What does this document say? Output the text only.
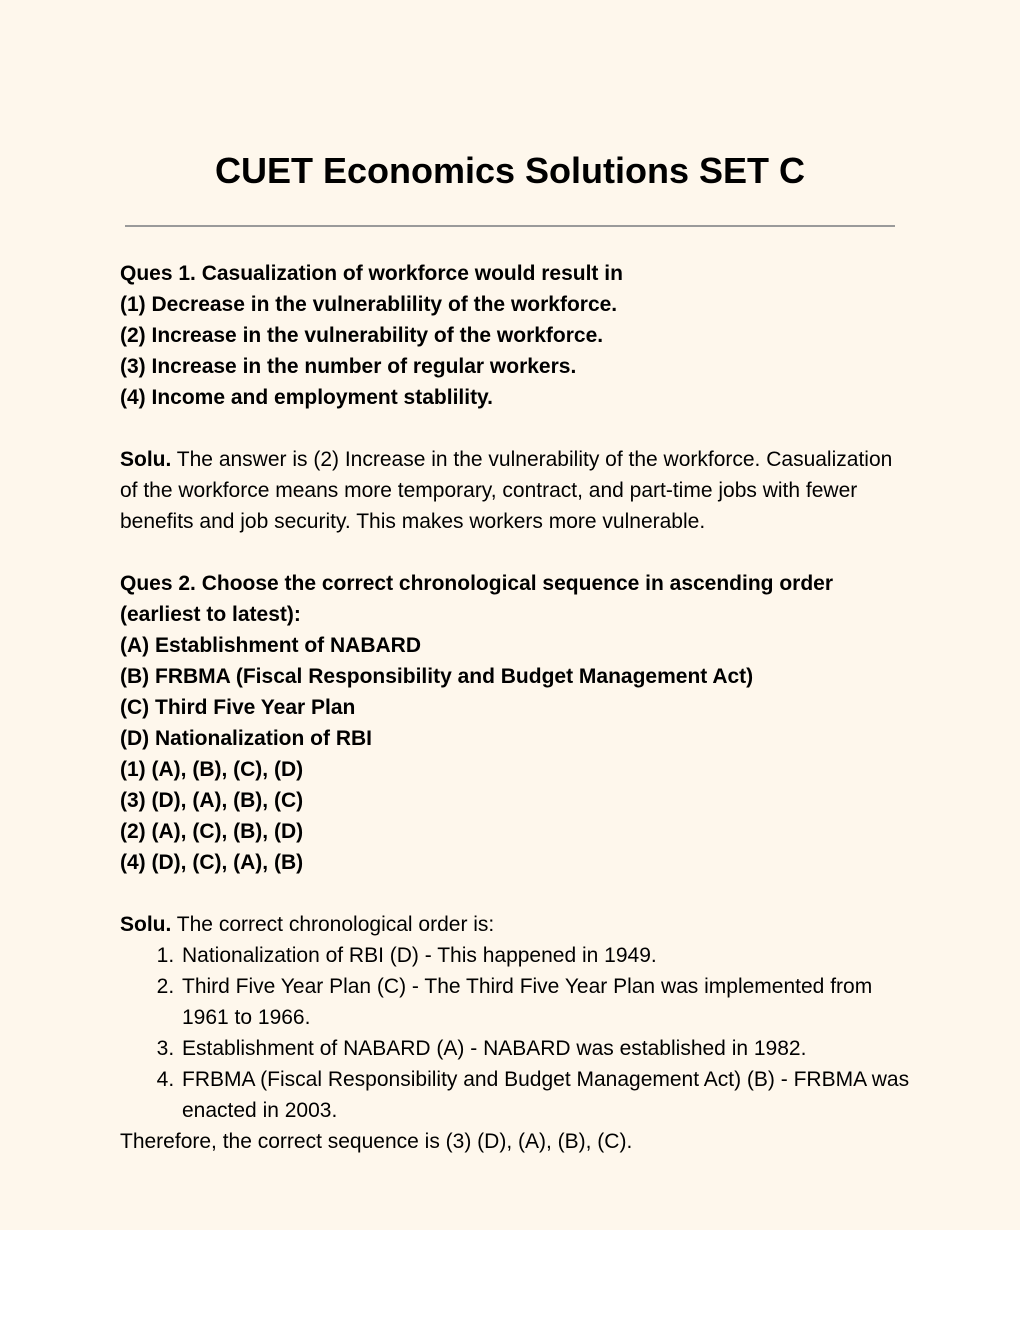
CUET Economics Solutions SET C

Ques 1. Casualization of workforce would result in
(1) Decrease in the vulnerablility of the workforce.
(2) Increase in the vulnerability of the workforce.
(3) Increase in the number of regular workers.
(4) Income and employment stablility.

Solu. The answer is (2) Increase in the vulnerability of the workforce. Casualization of the workforce means more temporary, contract, and part-time jobs with fewer benefits and job security. This makes workers more vulnerable.

Ques 2. Choose the correct chronological sequence in ascending order (earliest to latest):
(A) Establishment of NABARD
(B) FRBMA (Fiscal Responsibility and Budget Management Act)
(C) Third Five Year Plan
(D) Nationalization of RBI
(1) (A), (B), (C), (D)
(3) (D), (A), (B), (C)
(2) (A), (C), (B), (D)
(4) (D), (C), (A), (B)

Solu. The correct chronological order is:
1. Nationalization of RBI (D) - This happened in 1949.
2. Third Five Year Plan (C) - The Third Five Year Plan was implemented from 1961 to 1966.
3. Establishment of NABARD (A) - NABARD was established in 1982.
4. FRBMA (Fiscal Responsibility and Budget Management Act) (B) - FRBMA was enacted in 2003.

Therefore, the correct sequence is (3) (D), (A), (B), (C).
